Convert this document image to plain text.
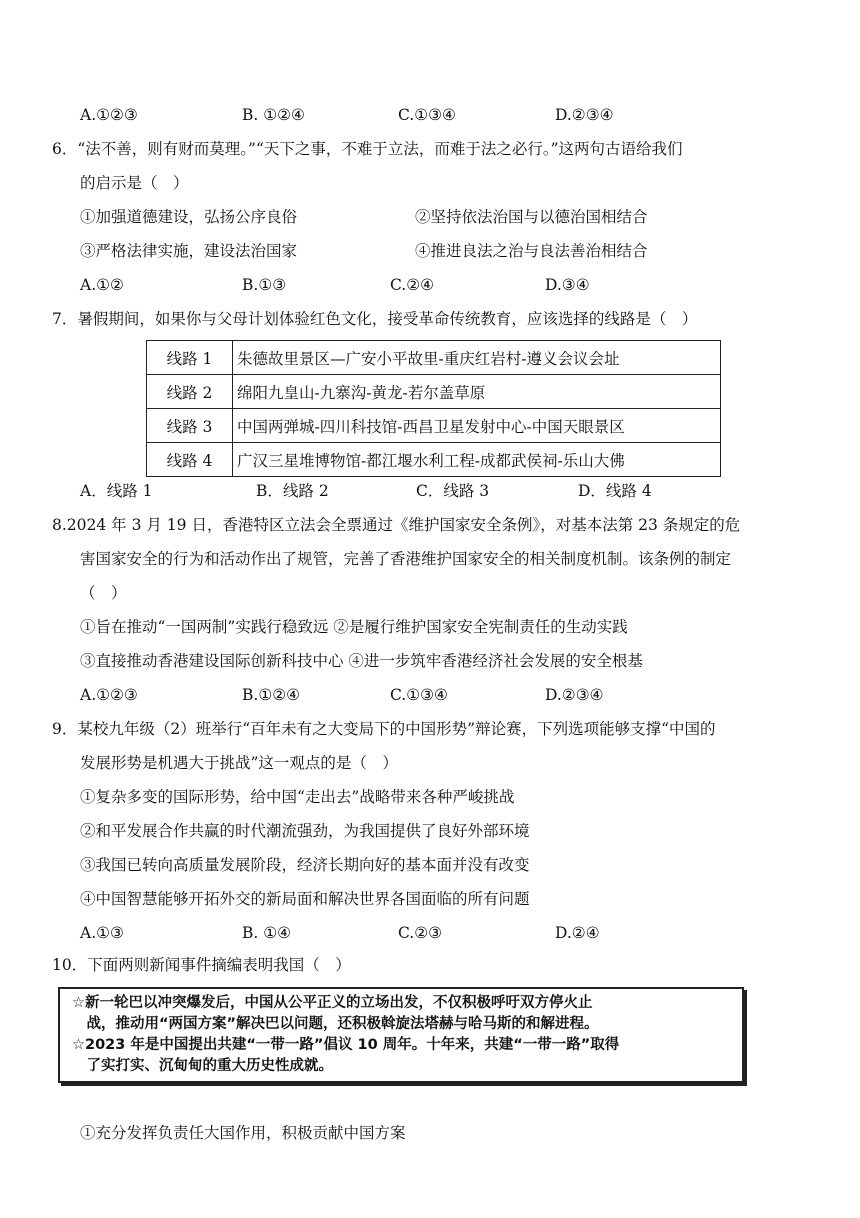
A.①②③	B. ①②④	C.①③④	D.②③④
6．“法不善，则有财而莫理。”“天下之事，不难于立法，而难于法之必行。”这两句古语给我们
的启示是（　）
①加强道德建设，弘扬公序良俗	②坚持依法治国与以德治国相结合
③严格法律实施，建设法治国家	④推进良法之治与良法善治相结合
A.①②	B.①③	C.②④	D.③④
7．暑假期间，如果你与父母计划体验红色文化，接受革命传统教育，应该选择的线路是（　）
线路 1	朱德故里景区—广安小平故里-重庆红岩村-遵义会议会址
线路 2	绵阳九皇山-九寨沟-黄龙-若尔盖草原
线路 3	中国两弹城-四川科技馆-西昌卫星发射中心-中国天眼景区
线路 4	广汉三星堆博物馆-都江堰水利工程-成都武侯祠-乐山大佛
A．线路 1	B．线路 2	C．线路 3	D．线路 4
8.2024 年 3 月 19 日，香港特区立法会全票通过《维护国家安全条例》，对基本法第 23 条规定的危
害国家安全的行为和活动作出了规管，完善了香港维护国家安全的相关制度机制。该条例的制定
（　）
①旨在推动“一国两制”实践行稳致远 ②是履行维护国家安全宪制责任的生动实践
③直接推动香港建设国际创新科技中心 ④进一步筑牢香港经济社会发展的安全根基
A.①②③	B.①②④	C.①③④	D.②③④
9．某校九年级（2）班举行“百年未有之大变局下的中国形势”辩论赛，下列选项能够支撑“中国的
发展形势是机遇大于挑战”这一观点的是（　）
①复杂多变的国际形势，给中国“走出去”战略带来各种严峻挑战
②和平发展合作共赢的时代潮流强劲，为我国提供了良好外部环境
③我国已转向高质量发展阶段，经济长期向好的基本面并没有改变
④中国智慧能够开拓外交的新局面和解决世界各国面临的所有问题
A.①③	B. ①④	C.②③	D.②④
10．下面两则新闻事件摘编表明我国（　）
☆新一轮巴以冲突爆发后，中国从公平正义的立场出发，不仅积极呼吁双方停火止
　战，推动用“两国方案”解决巴以问题，还积极斡旋法塔赫与哈马斯的和解进程。
☆2023 年是中国提出共建“一带一路”倡议 10 周年。十年来，共建“一带一路”取得
　了实打实、沉甸甸的重大历史性成就。
①充分发挥负责任大国作用，积极贡献中国方案
